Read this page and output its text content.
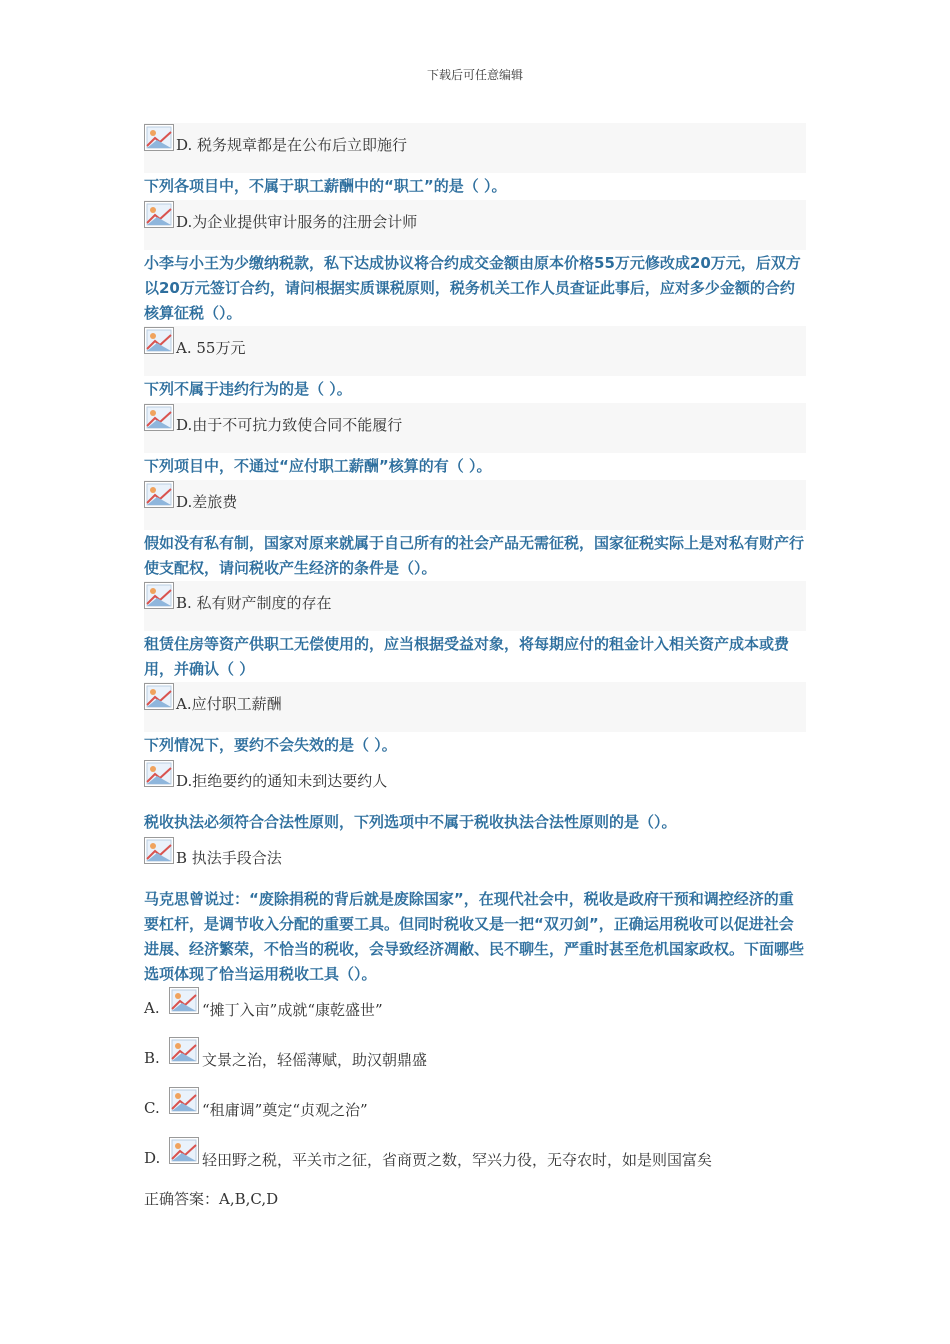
下载后可任意编辑
D. 税务规章都是在公布后立即施行
下列各项目中，不属于职工薪酬中的“职工”的是（ ）。
D.为企业提供审计服务的注册会计师
小李与小王为少缴纳税款，私下达成协议将合约成交金额由原本价格55万元修改成20万元，后双方以20万元签订合约，请问根据实质课税原则，税务机关工作人员查证此事后，应对多少金额的合约核算征税（）。
A. 55万元
下列不属于违约行为的是（ ）。
D.由于不可抗力致使合同不能履行
下列项目中，不通过“应付职工薪酬”核算的有（ ）。
D.差旅费
假如没有私有制，国家对原来就属于自己所有的社会产品无需征税，国家征税实际上是对私有财产行使支配权，请问税收产生经济的条件是（）。
B. 私有财产制度的存在
租赁住房等资产供职工无偿使用的，应当根据受益对象，将每期应付的租金计入相关资产成本或费用，并确认（ ）
A.应付职工薪酬
下列情况下，要约不会失效的是（ ）。
D.拒绝要约的通知未到达要约人
税收执法必须符合合法性原则，下列选项中不属于税收执法合法性原则的是（）。
B 执法手段合法
马克思曾说过：“废除捐税的背后就是废除国家”，在现代社会中，税收是政府干预和调控经济的重要杠杆，是调节收入分配的重要工具。但同时税收又是一把“双刃剑”，正确运用税收可以促进社会进展、经济繁荣，不恰当的税收，会导致经济凋敝、民不聊生，严重时甚至危机国家政权。下面哪些选项体现了恰当运用税收工具（）。
A.	“摊丁入亩”成就“康乾盛世”
B.	文景之治，轻傜薄赋，助汉朝鼎盛
C.	“租庸调”奠定“贞观之治”
D.	轻田野之税，平关市之征，省商贾之数，罕兴力役，无夺农时，如是则国富矣
正确答案：A,B,C,D
